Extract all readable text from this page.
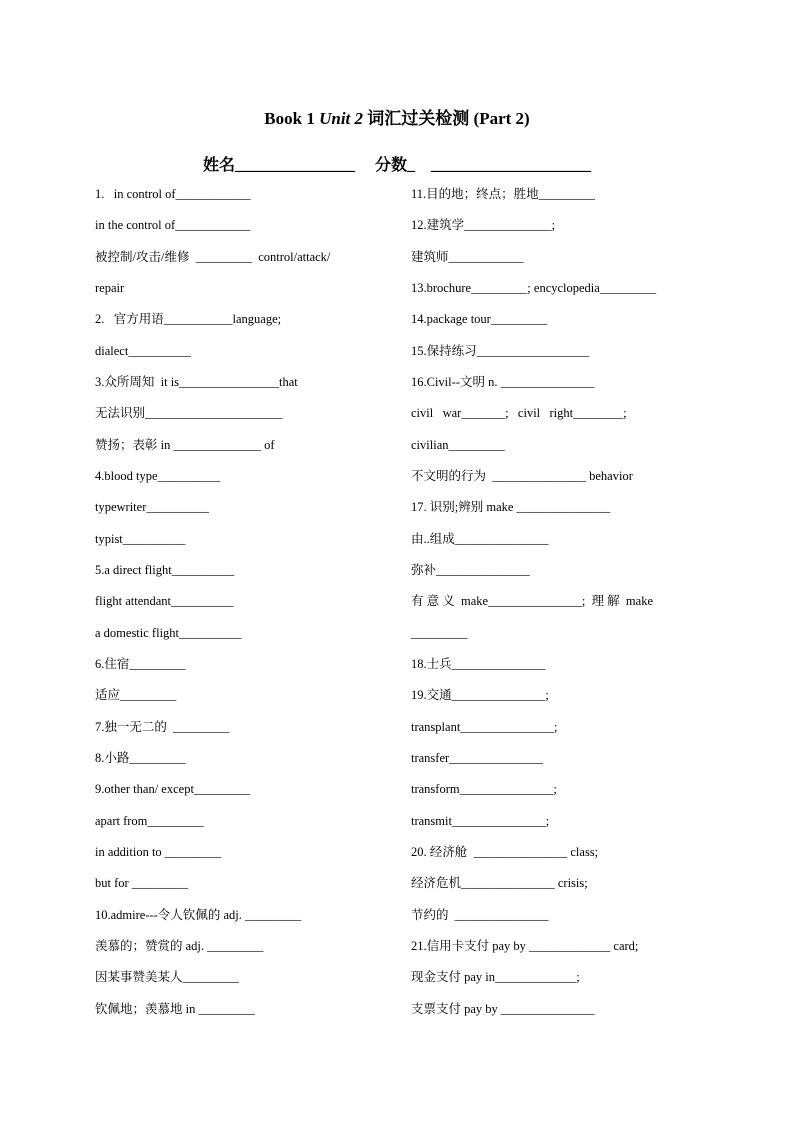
Book 1 Unit 2 词汇过关检测 (Part 2)
姓名_______________     分数_    ____________________
1.   in control of____________
in the control of____________
被控制/攻击/维修  _________  control/attack/
repair
2.   官方用语___________language;
dialect__________
3.众所周知  it is________________that
无法识别______________________
赞扬；表彰 in ______________ of
4.blood type__________
typewriter__________
typist__________
5.a direct flight__________
flight attendant__________
a domestic flight__________
6.住宿_________
适应_________
7.独一无二的  _________
8.小路_________
9.other than/ except_________
apart from_________
in addition to _________
but for _________
10.admire---令人钦佩的 adj. _________
羡慕的；赞赏的 adj. _________
因某事赞美某人_________
钦佩地；羡慕地 in _________
11.目的地；终点；胜地_________
12.建筑学______________;
建筑师____________
13.brochure_________; encyclopedia_________
14.package tour_________
15.保持练习__________________
16.Civil--文明 n. _______________
civil   war_______;   civil   right________;
civilian_________
不文明的行为  _______________ behavior
17. 识别;辨别 make _______________
由..组成_______________
弥补_______________
有 意 义  make_______________;  理 解  make
_________
18.士兵_______________
19.交通_______________;
transplant_______________;
transfer_______________
transform_______________;
transmit_______________;
20. 经济舱  _______________ class;
经济危机_______________ crisis;
节约的  _______________
21.信用卡支付 pay by _____________ card;
现金支付 pay in_____________;
支票支付 pay by _______________
